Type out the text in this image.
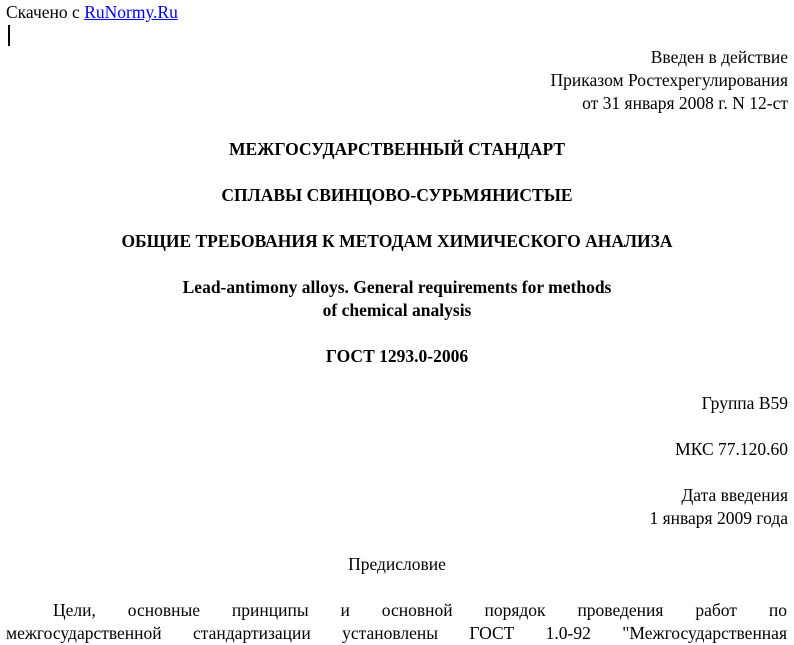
Скачено с RuNormy.Ru
Введен в действие
Приказом Ростехрегулирования
от 31 января 2008 г. N 12-ст
МЕЖГОСУДАРСТВЕННЫЙ СТАНДАРТ
СПЛАВЫ СВИНЦОВО-СУРЬМЯНИСТЫЕ
ОБЩИЕ ТРЕБОВАНИЯ К МЕТОДАМ ХИМИЧЕСКОГО АНАЛИЗА
Lead-antimony alloys. General requirements for methods
of chemical analysis
ГОСТ 1293.0-2006
Группа В59
МКС 77.120.60
Дата введения
1 января 2009 года
Предисловие
Цели, основные принципы и основной порядок проведения работ по
межгосударственной стандартизации установлены ГОСТ 1.0-92 "Межгосударственная
